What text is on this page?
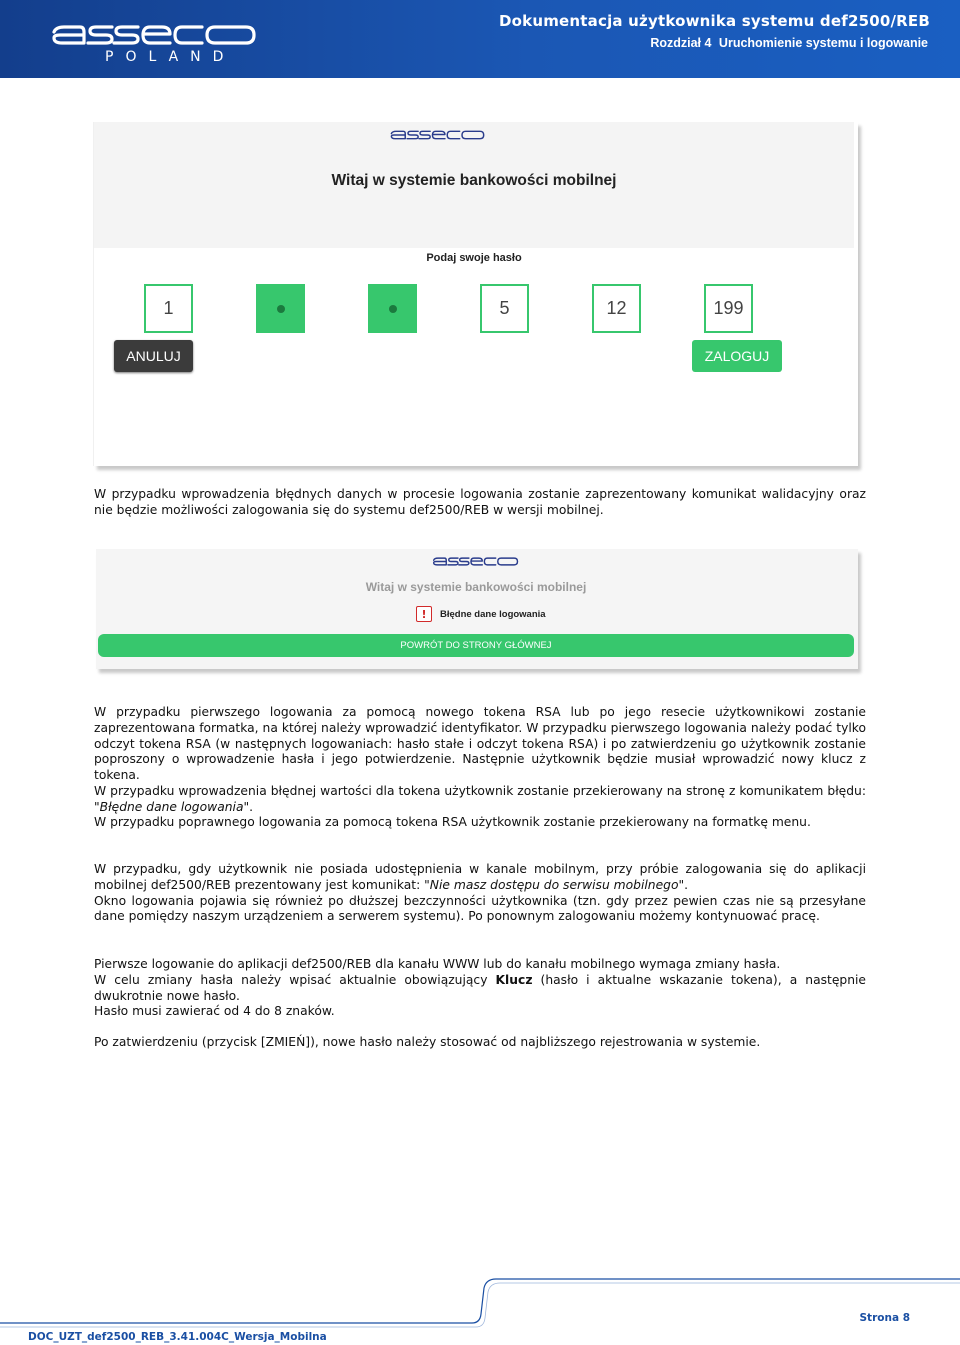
POLAND
Dokumentacja użytkownika systemu def2500/REB
Rozdział 4 Uruchomienie systemu i logowanie
Witaj w systemie bankowości mobilnej
Podaj swoje hasło
1	5	12	199
ANULUJ	ZALOGUJ

W przypadku wprowadzenia błędnych danych w procesie logowania zostanie zaprezentowany komunikat walidacyjny oraz nie będzie możliwości zalogowania się do systemu def2500/REB w wersji mobilnej.

Witaj w systemie bankowości mobilnej
!	Błędne dane logowania
POWRÓT DO STRONY GŁÓWNEJ

W przypadku pierwszego logowania za pomocą nowego tokena RSA lub po jego resecie użytkownikowi zostanie zaprezentowana formatka, na której należy wprowadzić identyfikator. W przypadku pierwszego logowania należy podać tylko odczyt tokena RSA (w następnych logowaniach: hasło stałe i odczyt tokena RSA) i po zatwierdzeniu go użytkownik zostanie poproszony o wprowadzenie hasła i jego potwierdzenie. Następnie użytkownik będzie musiał wprowadzić nowy klucz z tokena.

W przypadku wprowadzenia błędnej wartości dla tokena użytkownik zostanie przekierowany na stronę z komunikatem błędu: "Błędne dane logowania".

W przypadku poprawnego logowania za pomocą tokena RSA użytkownik zostanie przekierowany na formatkę menu.

W przypadku, gdy użytkownik nie posiada udostępnienia w kanale mobilnym, przy próbie zalogowania się do aplikacji mobilnej def2500/REB prezentowany jest komunikat: "Nie masz dostępu do serwisu mobilnego".

Okno logowania pojawia się również po dłuższej bezczynności użytkownika (tzn. gdy przez pewien czas nie są przesyłane dane pomiędzy naszym urządzeniem a serwerem systemu). Po ponownym zalogowaniu możemy kontynuować pracę.

Pierwsze logowanie do aplikacji def2500/REB dla kanału WWW lub do kanału mobilnego wymaga zmiany hasła.

W celu zmiany hasła należy wpisać aktualnie obowiązujący Klucz (hasło i aktualne wskazanie tokena), a następnie dwukrotnie nowe hasło.

Hasło musi zawierać od 4 do 8 znaków.

Po zatwierdzeniu (przycisk [ZMIEŃ]), nowe hasło należy stosować od najbliższego rejestrowania w systemie.

Strona 8
DOC_UZT_def2500_REB_3.41.004C_Wersja_Mobilna
